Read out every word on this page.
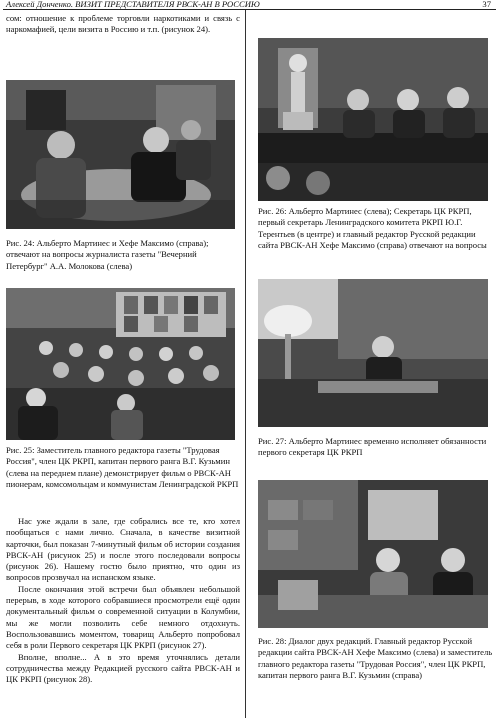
Алексей Донченко. ВИЗИТ ПРЕДСТАВИТЕЛЯ РВСК-АН В РОССИЮ	37
сом: отношение к проблеме торговли наркотиками и связь с наркомафией, цели визита в Россию и т.п. (рисунок 24).
Рис. 24: Альберто Мартинес и Хефе Максимо (справа); отвечают на вопросы журналиста газеты "Вечерний Петербург" А.А. Молокова (слева)
Рис. 25: Заместитель главного редактора газеты "Трудовая Россия", член ЦК РКРП, капитан первого ранга В.Г. Кузьмин (слева на переднем плане) демонстрирует фильм о РВСК-АН пионерам, комсомольцам и коммунистам Ленинградской РКРП

Нас уже ждали в зале, где собрались все те, кто хотел пообщаться с нами лично. Сначала, в качестве визитной карточки, был показан 7-минутный фильм об истории создания РВСК-АН (рисунок 25) и после этого последовали вопросы (рисунок 26). Нашему гостю было приятно, что один из вопросов прозвучал на испанском языке.

После окончания этой встречи был объявлен небольшой перерыв, в ходе которого собравшиеся просмотрели ещё один документальный фильм о современной ситуации в Колумбии, мы же могли позволить себе немного отдохнуть. Воспользовавшись моментом, товарищ Альберто попробовал себя в роли Первого секретаря ЦК РКРП (рисунок 27).

Вполне, вполне... А в это время уточнялись детали сотрудничества между Редакцией русского сайта РВСК-АН и ЦК РКРП (рисунок 28).

Рис. 26: Альберто Мартинес (слева); Секретарь ЦК РКРП, первый секретарь Ленинградского комитета РКРП Ю.Г. Терентьев (в центре) и главный редактор Русской редакции сайта РВСК-АН Хефе Максимо (справа) отвечают на вопросы
Рис. 27: Альберто Мартинес временно исполняет обязанности первого секретаря ЦК РКРП
Рис. 28: Диалог двух редакций. Главный редактор Русской редакции сайта РВСК-АН Хефе Максимо (слева) и заместитель главного редактора газеты "Трудовая Россия", член ЦК РКРП, капитан первого ранга В.Г. Кузьмин (справа)
